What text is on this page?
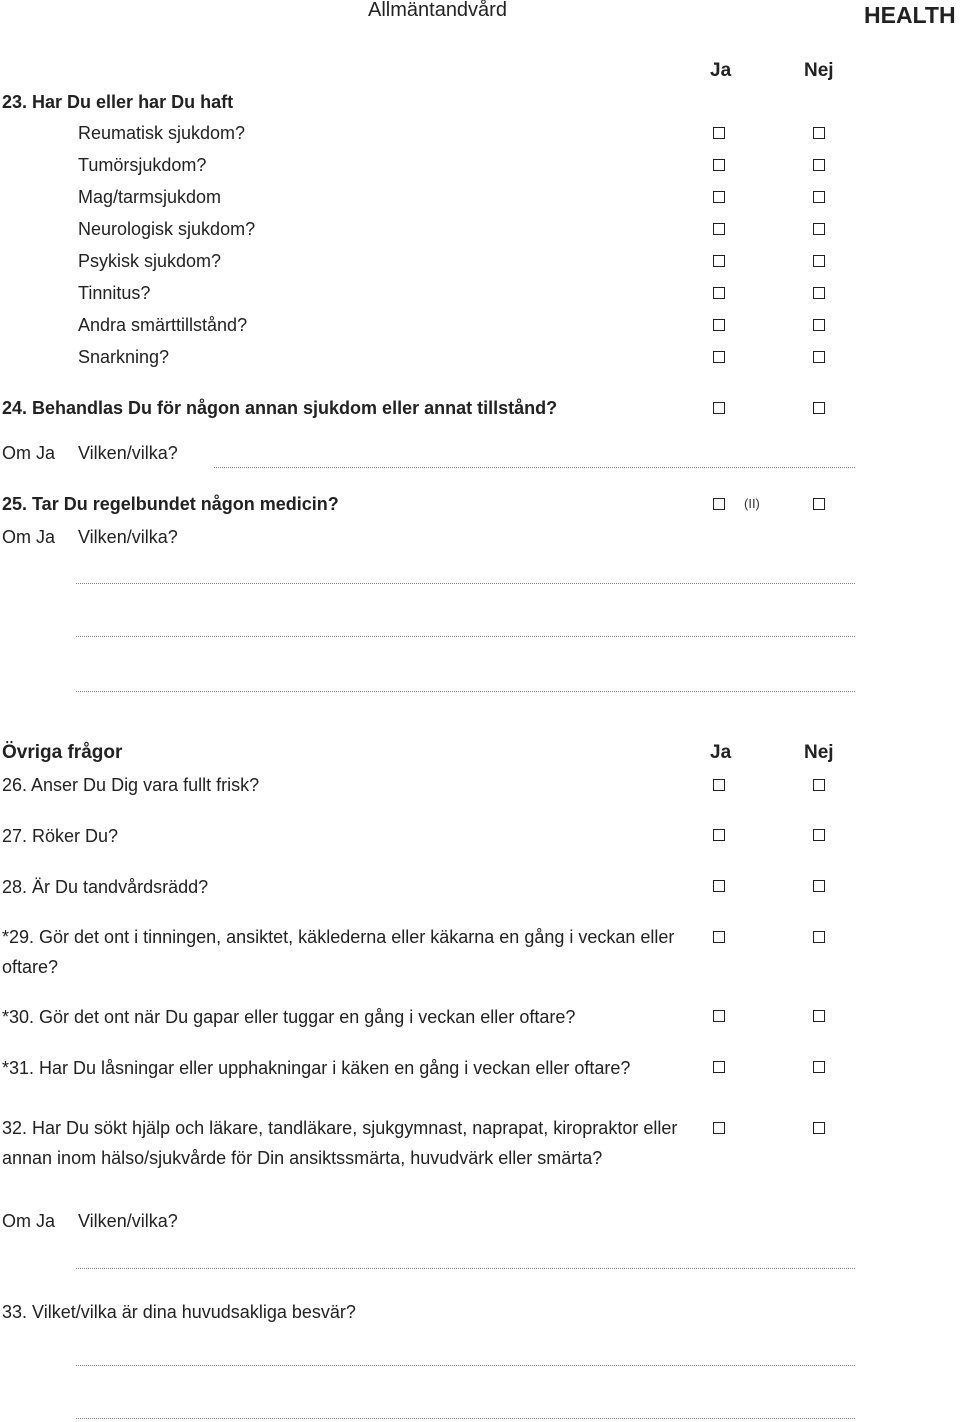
Allmäntandvård	HEALTH
Ja	Nej
23. Har Du eller har Du haft
Reumatisk sjukdom?
Tumörsjukdom?
Mag/tarmsjukdom
Neurologisk sjukdom?
Psykisk sjukdom?
Tinnitus?
Andra smärttillstånd?
Snarkning?
24. Behandlas Du för någon annan sjukdom eller annat tillstånd?
Om Ja Vilken/vilka?
25. Tar Du regelbundet någon medicin?	(II)
Om Ja Vilken/vilka?
Övriga frågor	Ja	Nej
26. Anser Du Dig vara fullt frisk?
27. Röker Du?
28. Är Du tandvårdsrädd?
*29. Gör det ont i tinningen, ansiktet, käklederna eller käkarna en gång i veckan eller oftare?
*30. Gör det ont när Du gapar eller tuggar en gång i veckan eller oftare?
*31. Har Du låsningar eller upphakningar i käken en gång i veckan eller oftare?
32. Har Du sökt hjälp och läkare, tandläkare, sjukgymnast, naprapat, kiropraktor eller annan inom hälso/sjukvårde för Din ansiktssmärta, huvudvärk eller smärta?
Om Ja Vilken/vilka?
33. Vilket/vilka är dina huvudsakliga besvär?
